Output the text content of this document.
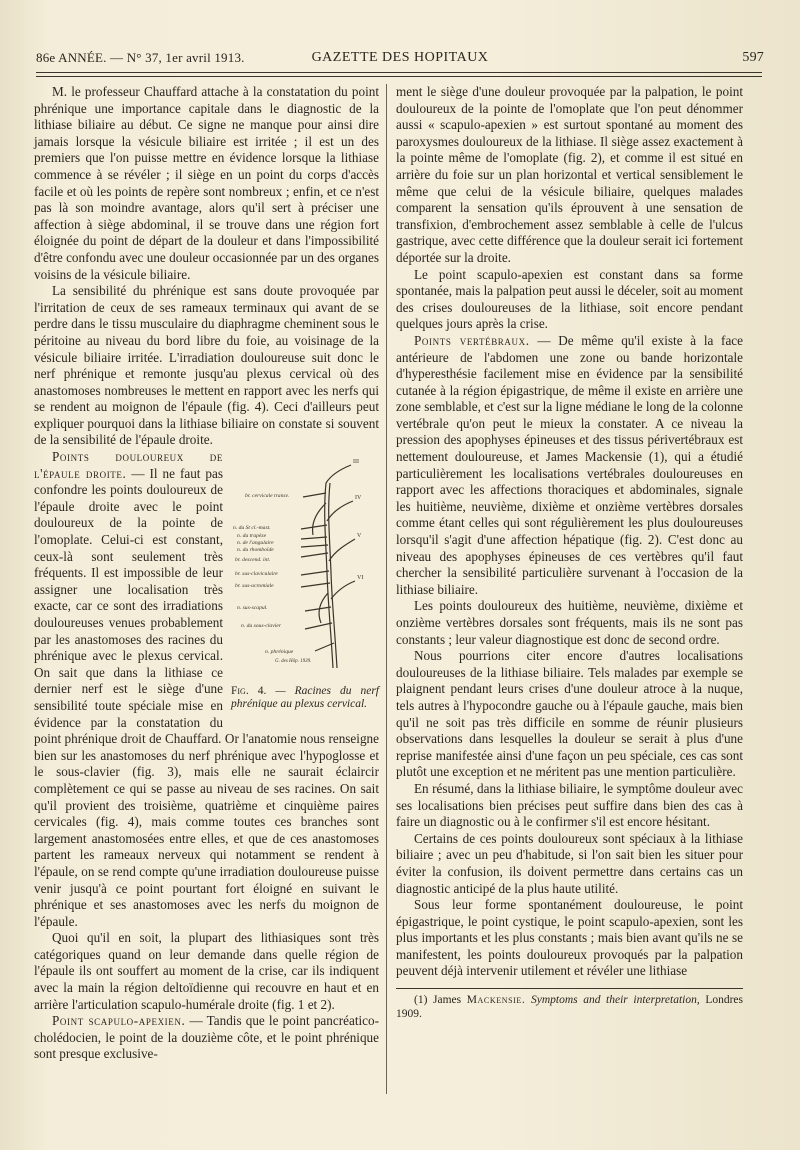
86e ANNÉE. — N° 37, 1er avril 1913.	GAZETTE DES HOPITAUX	597

M. le professeur Chauffard attache à la constatation du point phrénique une importance capitale dans le diagnostic de la lithiase biliaire au début. Ce signe ne manque pour ainsi dire jamais lorsque la vésicule biliaire est irritée ; il est un des premiers que l'on puisse mettre en évidence lorsque la lithiase commence à se révéler ; il siège en un point du corps d'accès facile et où les points de repère sont nombreux ; enfin, et ce n'est pas là son moindre avantage, alors qu'il sert à préciser une affection à siège abdominal, il se trouve dans une région fort éloignée du point de départ de la douleur et dans l'impossibilité d'être confondu avec une douleur occasionnée par un des organes voisins de la vésicule biliaire.

La sensibilité du phrénique est sans doute provoquée par l'irritation de ceux de ses rameaux terminaux qui avant de se perdre dans le tissu musculaire du diaphragme cheminent sous le péritoine au niveau du bord libre du foie, au voisinage de la vésicule biliaire irritée. L'irradiation douloureuse suit donc le nerf phrénique et remonte jusqu'au plexus cervical où des anastomoses nombreuses le mettent en rapport avec les nerfs qui se rendent au moignon de l'épaule (fig. 4). Ceci d'ailleurs peut expliquer pourquoi dans la lithiase biliaire on constate si souvent de la sensibilité de l'épaule droite.

III
IV
V
VI
br. cervicale transv.
n. du St cl.-mast.
n. du trapèze
n. de l'angulaire
n. du rhomboïde
br. descend. int.
br. sus-claviculaire
br. sus-acromiale
n. sus-scapul.
n. du sous-clavier
n. phrénique
G. des Hôp. 1939.
Fig. 4. — Racines du nerf phrénique au plexus cervical.

Points douloureux de l'épaule droite. — Il ne faut pas confondre les points douloureux de l'épaule droite avec le point douloureux de la pointe de l'omoplate. Celui-ci est constant, ceux-là sont seulement très fréquents. Il est impossible de leur assigner une localisation très exacte, car ce sont des irradiations douloureuses venues probablement par les anastomoses des racines du phrénique avec le plexus cervical. On sait que dans la lithiase ce dernier nerf est le siège d'une sensibilité toute spéciale mise en évidence par la constatation du point phrénique droit de Chauffard. Or l'anatomie nous renseigne bien sur les anastomoses du nerf phrénique avec l'hypoglosse et le sous-clavier (fig. 3), mais elle ne saurait éclaircir complètement ce qui se passe au niveau de ses racines. On sait qu'il provient des troisième, quatrième et cinquième paires cervicales (fig. 4), mais comme toutes ces branches sont largement anastomosées entre elles, et que de ces anastomoses partent les rameaux nerveux qui notamment se rendent à l'épaule, on se rend compte qu'une irradiation douloureuse puisse venir jusqu'à ce point pourtant fort éloigné en suivant le phrénique et ses anastomoses avec les nerfs du moignon de l'épaule.

Quoi qu'il en soit, la plupart des lithiasiques sont très catégoriques quand on leur demande dans quelle région de l'épaule ils ont souffert au moment de la crise, car ils indiquent avec la main la région deltoïdienne qui recouvre en haut et en arrière l'articulation scapulo-humérale droite (fig. 1 et 2).

Point scapulo-apexien. — Tandis que le point pancréatico-cholédocien, le point de la douzième côte, et le point phrénique sont presque exclusive-

ment le siège d'une douleur provoquée par la palpation, le point douloureux de la pointe de l'omoplate que l'on peut dénommer aussi « scapulo-apexien » est surtout spontané au moment des paroxysmes douloureux de la lithiase. Il siège assez exactement à la pointe même de l'omoplate (fig. 2), et comme il est situé en arrière du foie sur un plan horizontal et vertical sensiblement le même que celui de la vésicule biliaire, quelques malades comparent la sensation qu'ils éprouvent à une sensation de transfixion, d'embrochement assez semblable à celle de l'ulcus gastrique, avec cette différence que la douleur serait ici fortement déportée sur la droite.

Le point scapulo-apexien est constant dans sa forme spontanée, mais la palpation peut aussi le déceler, soit au moment des crises douloureuses de la lithiase, soit encore pendant quelques jours après la crise.

Points vertébraux. — De même qu'il existe à la face antérieure de l'abdomen une zone ou bande horizontale d'hyperesthésie facilement mise en évidence par la sensibilité cutanée à la région épigastrique, de même il existe en arrière une zone semblable, et c'est sur la ligne médiane le long de la colonne vertébrale qu'on peut le mieux la constater. A ce niveau la pression des apophyses épineuses et des tissus périvertébraux est nettement douloureuse, et James Mackensie (1), qui a étudié particulièrement les localisations vertébrales douloureuses en rapport avec les affections thoraciques et abdominales, signale les huitième, neuvième, dixième et onzième vertèbres dorsales comme étant celles qui sont régulièrement les plus douloureuses lorsqu'il s'agit d'une affection hépatique (fig. 2). C'est donc au niveau des apophyses épineuses de ces vertèbres qu'il faut chercher la sensibilité particulière survenant à l'occasion de la lithiase biliaire.

Les points douloureux des huitième, neuvième, dixième et onzième vertèbres dorsales sont fréquents, mais ils ne sont pas constants ; leur valeur diagnostique est donc de second ordre.

Nous pourrions citer encore d'autres localisations douloureuses de la lithiase biliaire. Tels malades par exemple se plaignent pendant leurs crises d'une douleur atroce à la nuque, tels autres à l'hypocondre gauche ou à l'épaule gauche, mais bien qu'il ne soit pas très difficile en somme de réunir plusieurs observations dans lesquelles la douleur se serait à plus d'une reprise manifestée ainsi d'une façon un peu spéciale, ces cas sont plutôt une exception et ne méritent pas une mention particulière.

En résumé, dans la lithiase biliaire, le symptôme douleur avec ses localisations bien précises peut suffire dans bien des cas à faire un diagnostic ou à le confirmer s'il est encore hésitant.

Certains de ces points douloureux sont spéciaux à la lithiase biliaire ; avec un peu d'habitude, si l'on sait bien les situer pour éviter la confusion, ils doivent permettre dans certains cas un diagnostic anticipé de la plus haute utilité.

Sous leur forme spontanément douloureuse, le point épigastrique, le point cystique, le point scapulo-apexien, sont les plus importants et les plus constants ; mais bien avant qu'ils ne se manifestent, les points douloureux provoqués par la palpation peuvent déjà intervenir utilement et révéler une lithiase

(1) James Mackensie. Symptoms and their interpretation, Londres 1909.
